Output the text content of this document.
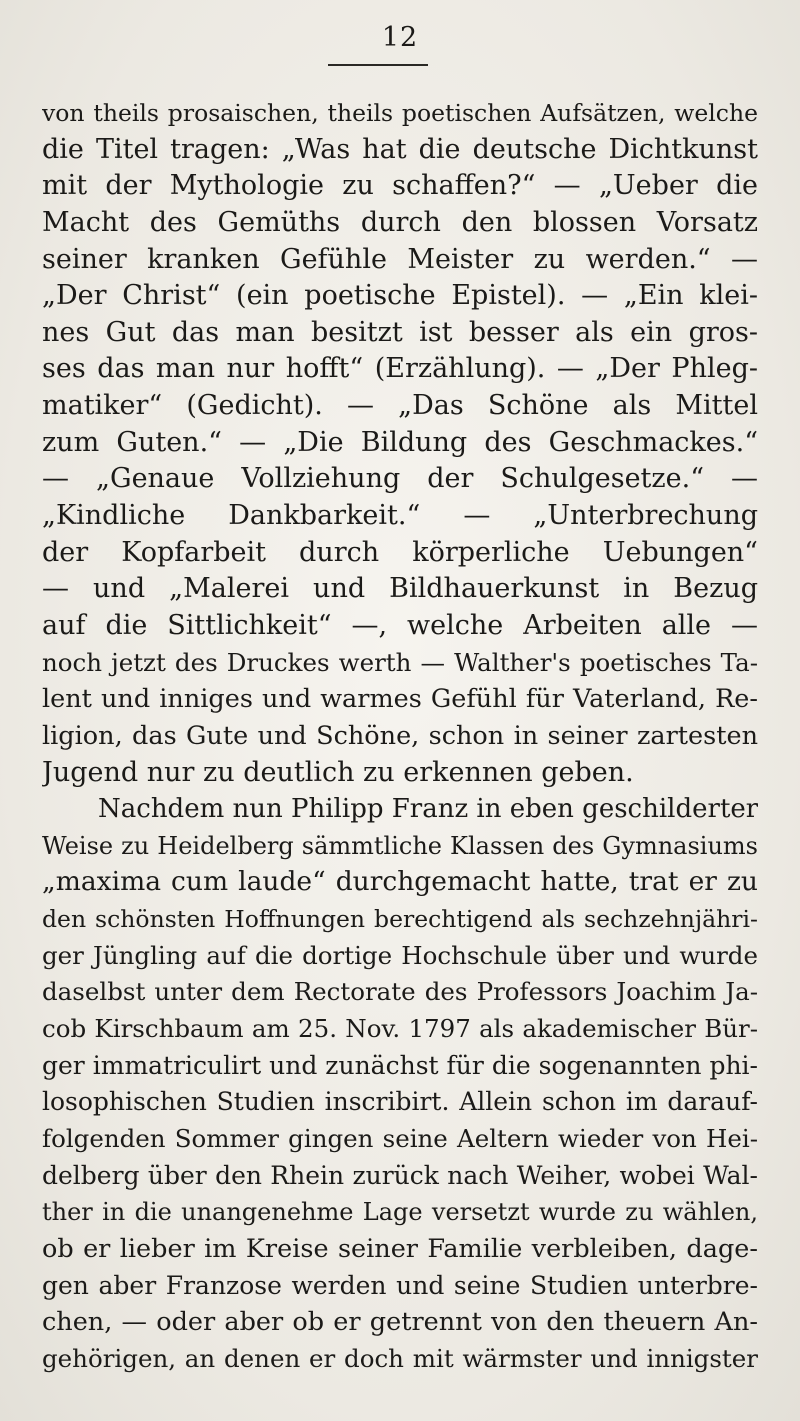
12
von theils prosaischen, theils poetischen Aufsätzen, welche
die Titel tragen: „Was hat die deutsche Dichtkunst
mit der Mythologie zu schaffen?“ — „Ueber die
Macht des Gemüths durch den blossen Vorsatz
seiner kranken Gefühle Meister zu werden.“ —
„Der Christ“ (ein poetische Epistel). — „Ein klei-
nes Gut das man besitzt ist besser als ein gros-
ses das man nur hofft“ (Erzählung). — „Der Phleg-
matiker“ (Gedicht). — „Das Schöne als Mittel
zum Guten.“ — „Die Bildung des Geschmackes.“
— „Genaue Vollziehung der Schulgesetze.“ —
„Kindliche Dankbarkeit.“ — „Unterbrechung
der Kopfarbeit durch körperliche Uebungen“
— und „Malerei und Bildhauerkunst in Bezug
auf die Sittlichkeit“ —, welche Arbeiten alle —
noch jetzt des Druckes werth — Walther's poetisches Ta-
lent und inniges und warmes Gefühl für Vaterland, Re-
ligion, das Gute und Schöne, schon in seiner zartesten
Jugend nur zu deutlich zu erkennen geben.
Nachdem nun Philipp Franz in eben geschilderter
Weise zu Heidelberg sämmtliche Klassen des Gymnasiums
„maxima cum laude“ durchgemacht hatte, trat er zu
den schönsten Hoffnungen berechtigend als sechzehnjähri-
ger Jüngling auf die dortige Hochschule über und wurde
daselbst unter dem Rectorate des Professors Joachim Ja-
cob Kirschbaum am 25. Nov. 1797 als akademischer Bür-
ger immatriculirt und zunächst für die sogenannten phi-
losophischen Studien inscribirt. Allein schon im darauf-
folgenden Sommer gingen seine Aeltern wieder von Hei-
delberg über den Rhein zurück nach Weiher, wobei Wal-
ther in die unangenehme Lage versetzt wurde zu wählen,
ob er lieber im Kreise seiner Familie verbleiben, dage-
gen aber Franzose werden und seine Studien unterbre-
chen, — oder aber ob er getrennt von den theuern An-
gehörigen, an denen er doch mit wärmster und innigster
